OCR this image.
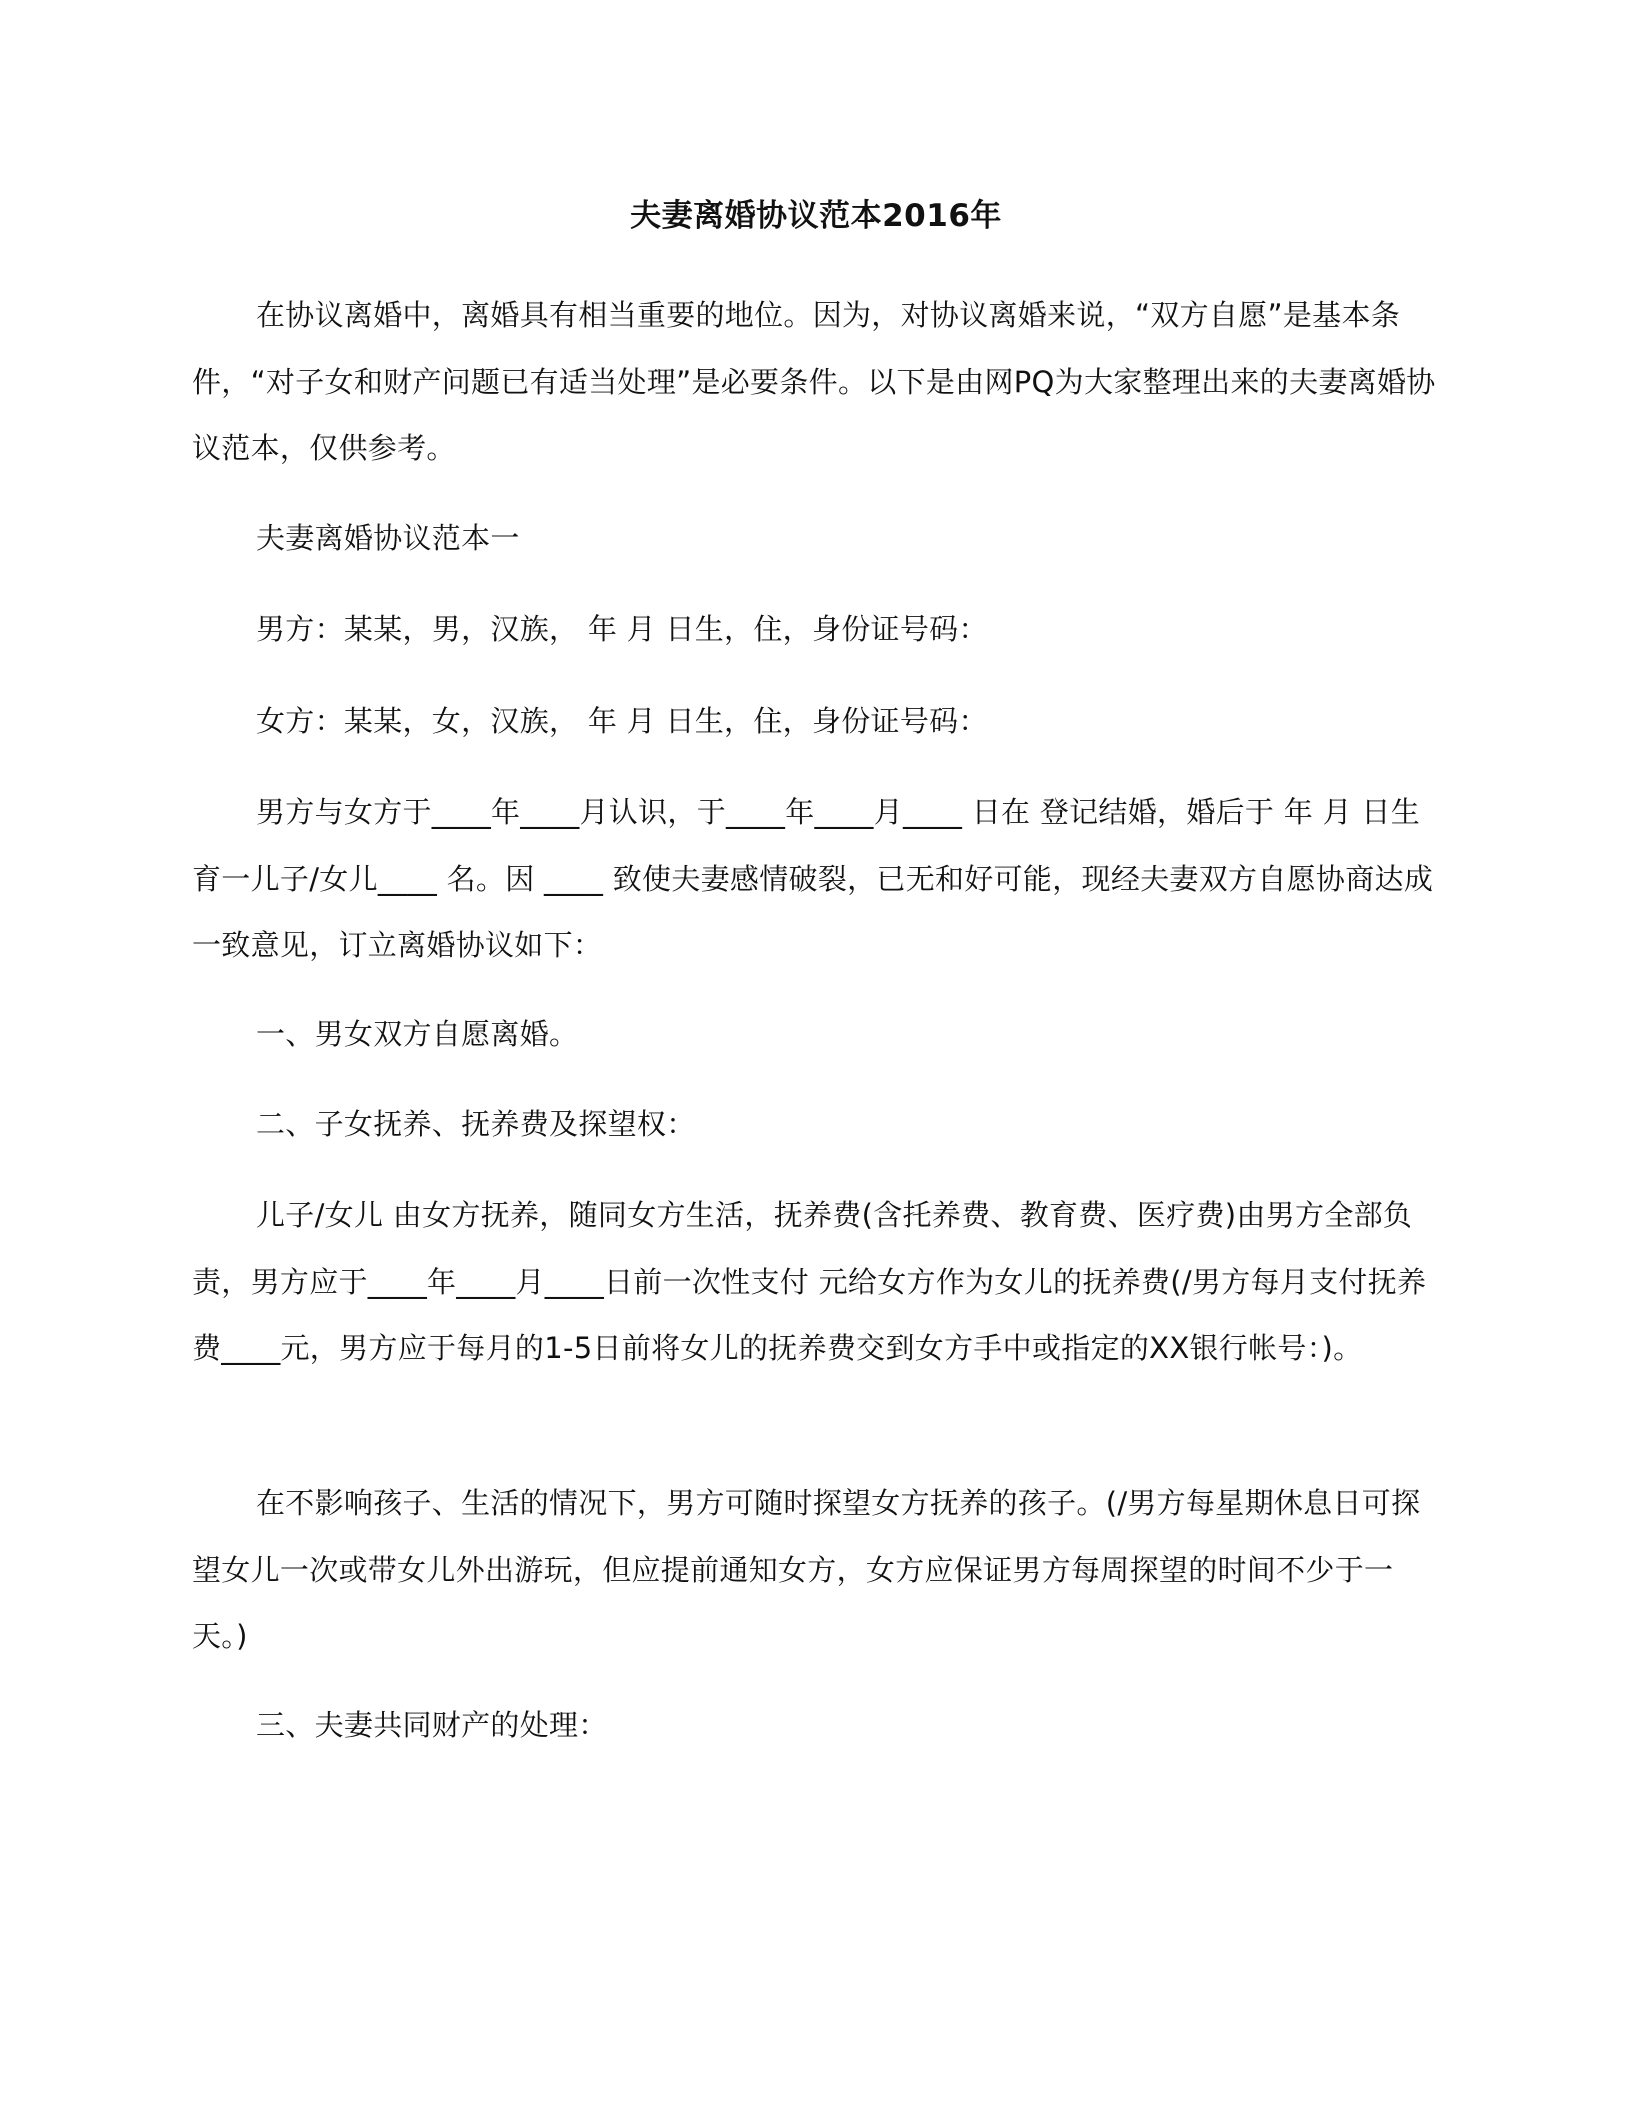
夫妻离婚协议范本2016年

在协议离婚中，离婚具有相当重要的地位。因为，对协议离婚来说，“双方自愿”是基本条件，“对子女和财产问题已有适当处理”是必要条件。以下是由网PQ为大家整理出来的夫妻离婚协议范本，仅供参考。

夫妻离婚协议范本一

男方：某某，男，汉族， 年 月 日生，住，身份证号码：

女方：某某，女，汉族， 年 月 日生，住，身份证号码：

男方与女方于____年____月认识，于____年____月____ 日在 登记结婚，婚后于 年 月 日生育一儿子/女儿____ 名。因 ____ 致使夫妻感情破裂，已无和好可能，现经夫妻双方自愿协商达成一致意见，订立离婚协议如下：

一、男女双方自愿离婚。

二、子女抚养、抚养费及探望权：

儿子/女儿 由女方抚养，随同女方生活，抚养费(含托养费、教育费、医疗费)由男方全部负责，男方应于____年____月____日前一次性支付 元给女方作为女儿的抚养费(/男方每月支付抚养费____元，男方应于每月的1-5日前将女儿的抚养费交到女方手中或指定的XX银行帐号：)。

在不影响孩子、生活的情况下，男方可随时探望女方抚养的孩子。(/男方每星期休息日可探望女儿一次或带女儿外出游玩，但应提前通知女方，女方应保证男方每周探望的时间不少于一天。)

三、夫妻共同财产的处理：
